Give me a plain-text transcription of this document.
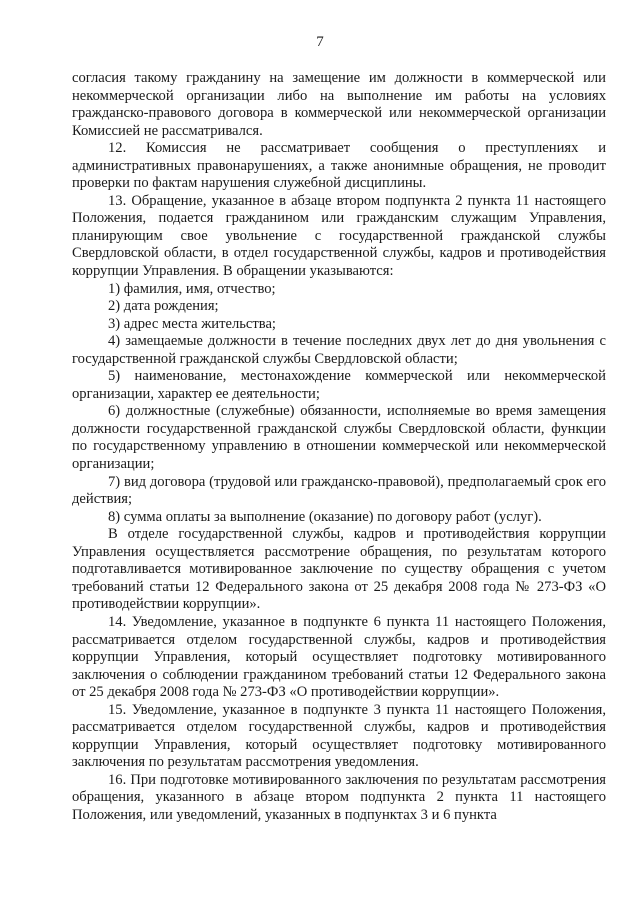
7

согласия такому гражданину на замещение им должности в коммерческой или некоммерческой организации либо на выполнение им работы на условиях гражданско-правового договора в коммерческой или некоммерческой организации Комиссией не рассматривался.

12. Комиссия не рассматривает сообщения о преступлениях и административных правонарушениях, а также анонимные обращения, не проводит проверки по фактам нарушения служебной дисциплины.

13. Обращение, указанное в абзаце втором подпункта 2 пункта 11 настоящего Положения, подается гражданином или гражданским служащим Управления, планирующим свое увольнение с государственной гражданской службы Свердловской области, в отдел государственной службы, кадров и противодействия коррупции Управления. В обращении указываются:

1) фамилия, имя, отчество;

2) дата рождения;

3) адрес места жительства;

4) замещаемые должности в течение последних двух лет до дня увольнения с государственной гражданской службы Свердловской области;

5) наименование, местонахождение коммерческой или некоммерческой организации, характер ее деятельности;

6) должностные (служебные) обязанности, исполняемые во время замещения должности государственной гражданской службы Свердловской области, функции по государственному управлению в отношении коммерческой или некоммерческой организации;

7) вид договора (трудовой или гражданско-правовой), предполагаемый срок его действия;

8) сумма оплаты за выполнение (оказание) по договору работ (услуг).

В отделе государственной службы, кадров и противодействия коррупции Управления осуществляется рассмотрение обращения, по результатам которого подготавливается мотивированное заключение по существу обращения с учетом требований статьи 12 Федерального закона от 25 декабря 2008 года № 273-ФЗ «О противодействии коррупции».

14. Уведомление, указанное в подпункте 6 пункта 11 настоящего Положения, рассматривается отделом государственной службы, кадров и противодействия коррупции Управления, который осуществляет подготовку мотивированного заключения о соблюдении гражданином требований статьи 12 Федерального закона от 25 декабря 2008 года № 273-ФЗ «О противодействии коррупции».

15. Уведомление, указанное в подпункте 3 пункта 11 настоящего Положения, рассматривается отделом государственной службы, кадров и противодействия коррупции Управления, который осуществляет подготовку мотивированного заключения по результатам рассмотрения уведомления.

16. При подготовке мотивированного заключения по результатам рассмотрения обращения, указанного в абзаце втором подпункта 2 пункта 11 настоящего Положения, или уведомлений, указанных в подпунктах 3 и 6 пункта
